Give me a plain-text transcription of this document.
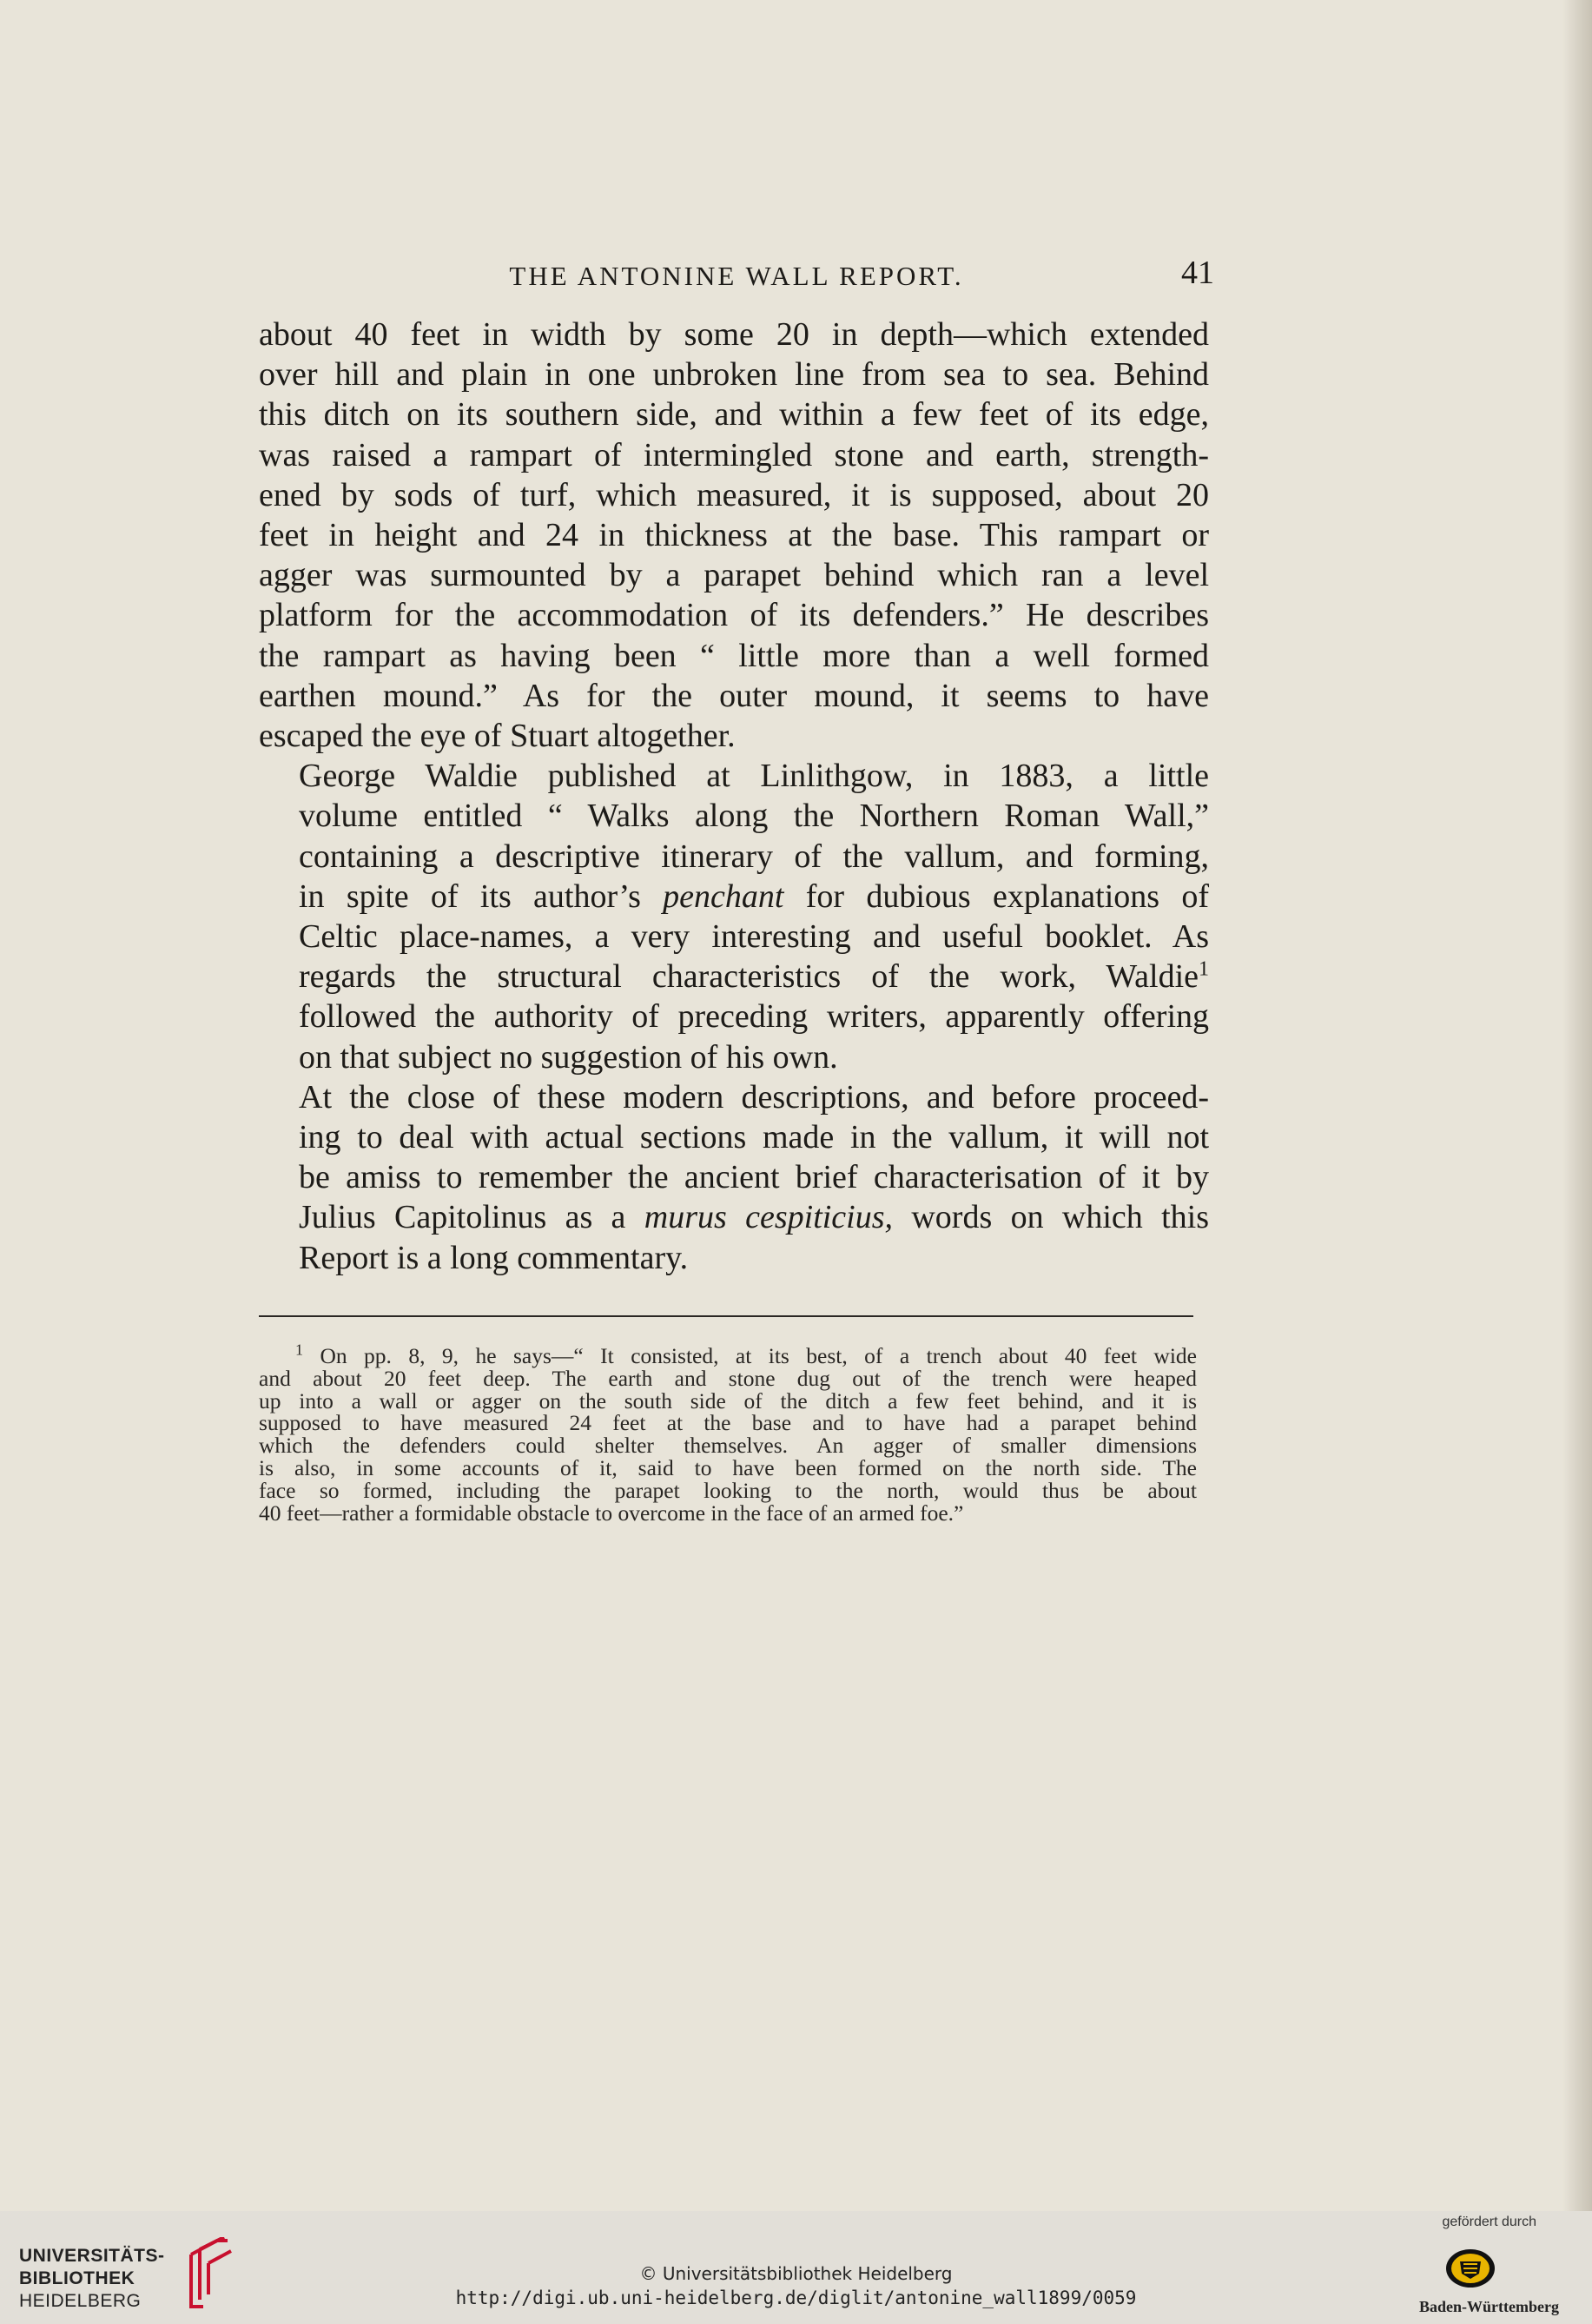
THE ANTONINE WALL REPORT.	41

about 40 feet in width by some 20 in depth—which extended
over hill and plain in one unbroken line from sea to sea. Behind
this ditch on its southern side, and within a few feet of its edge,
was raised a rampart of intermingled stone and earth, strength-
ened by sods of turf, which measured, it is supposed, about 20
feet in height and 24 in thickness at the base. This rampart or
agger was surmounted by a parapet behind which ran a level
platform for the accommodation of its defenders.” He describes
the rampart as having been “ little more than a well formed
earthen mound.” As for the outer mound, it seems to have
escaped the eye of Stuart altogether.

George Waldie published at Linlithgow, in 1883, a little
volume entitled “ Walks along the Northern Roman Wall,”
containing a descriptive itinerary of the vallum, and forming,
in spite of its author’s penchant for dubious explanations of
Celtic place-names, a very interesting and useful booklet. As
regards the structural characteristics of the work, Waldie$^1$
followed the authority of preceding writers, apparently offering
on that subject no suggestion of his own.

At the close of these modern descriptions, and before proceed-
ing to deal with actual sections made in the vallum, it will not
be amiss to remember the ancient brief characterisation of it by
Julius Capitolinus as a murus cespiticius, words on which this
Report is a long commentary.

$^1$ On pp. 8, 9, he says—“ It consisted, at its best, of a trench about 40 feet wide
and about 20 feet deep. The earth and stone dug out of the trench were heaped
up into a wall or agger on the south side of the ditch a few feet behind, and it is
supposed to have measured 24 feet at the base and to have had a parapet behind
which the defenders could shelter themselves. An agger of smaller dimensions
is also, in some accounts of it, said to have been formed on the north side. The
face so formed, including the parapet looking to the north, would thus be about
40 feet—rather a formidable obstacle to overcome in the face of an armed foe.”
UNIVERSITÄTS-
BIBLIOTHEK
HEIDELBERG
© Universitätsbibliothek Heidelberg
http://digi.ub.uni-heidelberg.de/diglit/antonine_wall1899/0059
gefördert durch
Baden-Württemberg
